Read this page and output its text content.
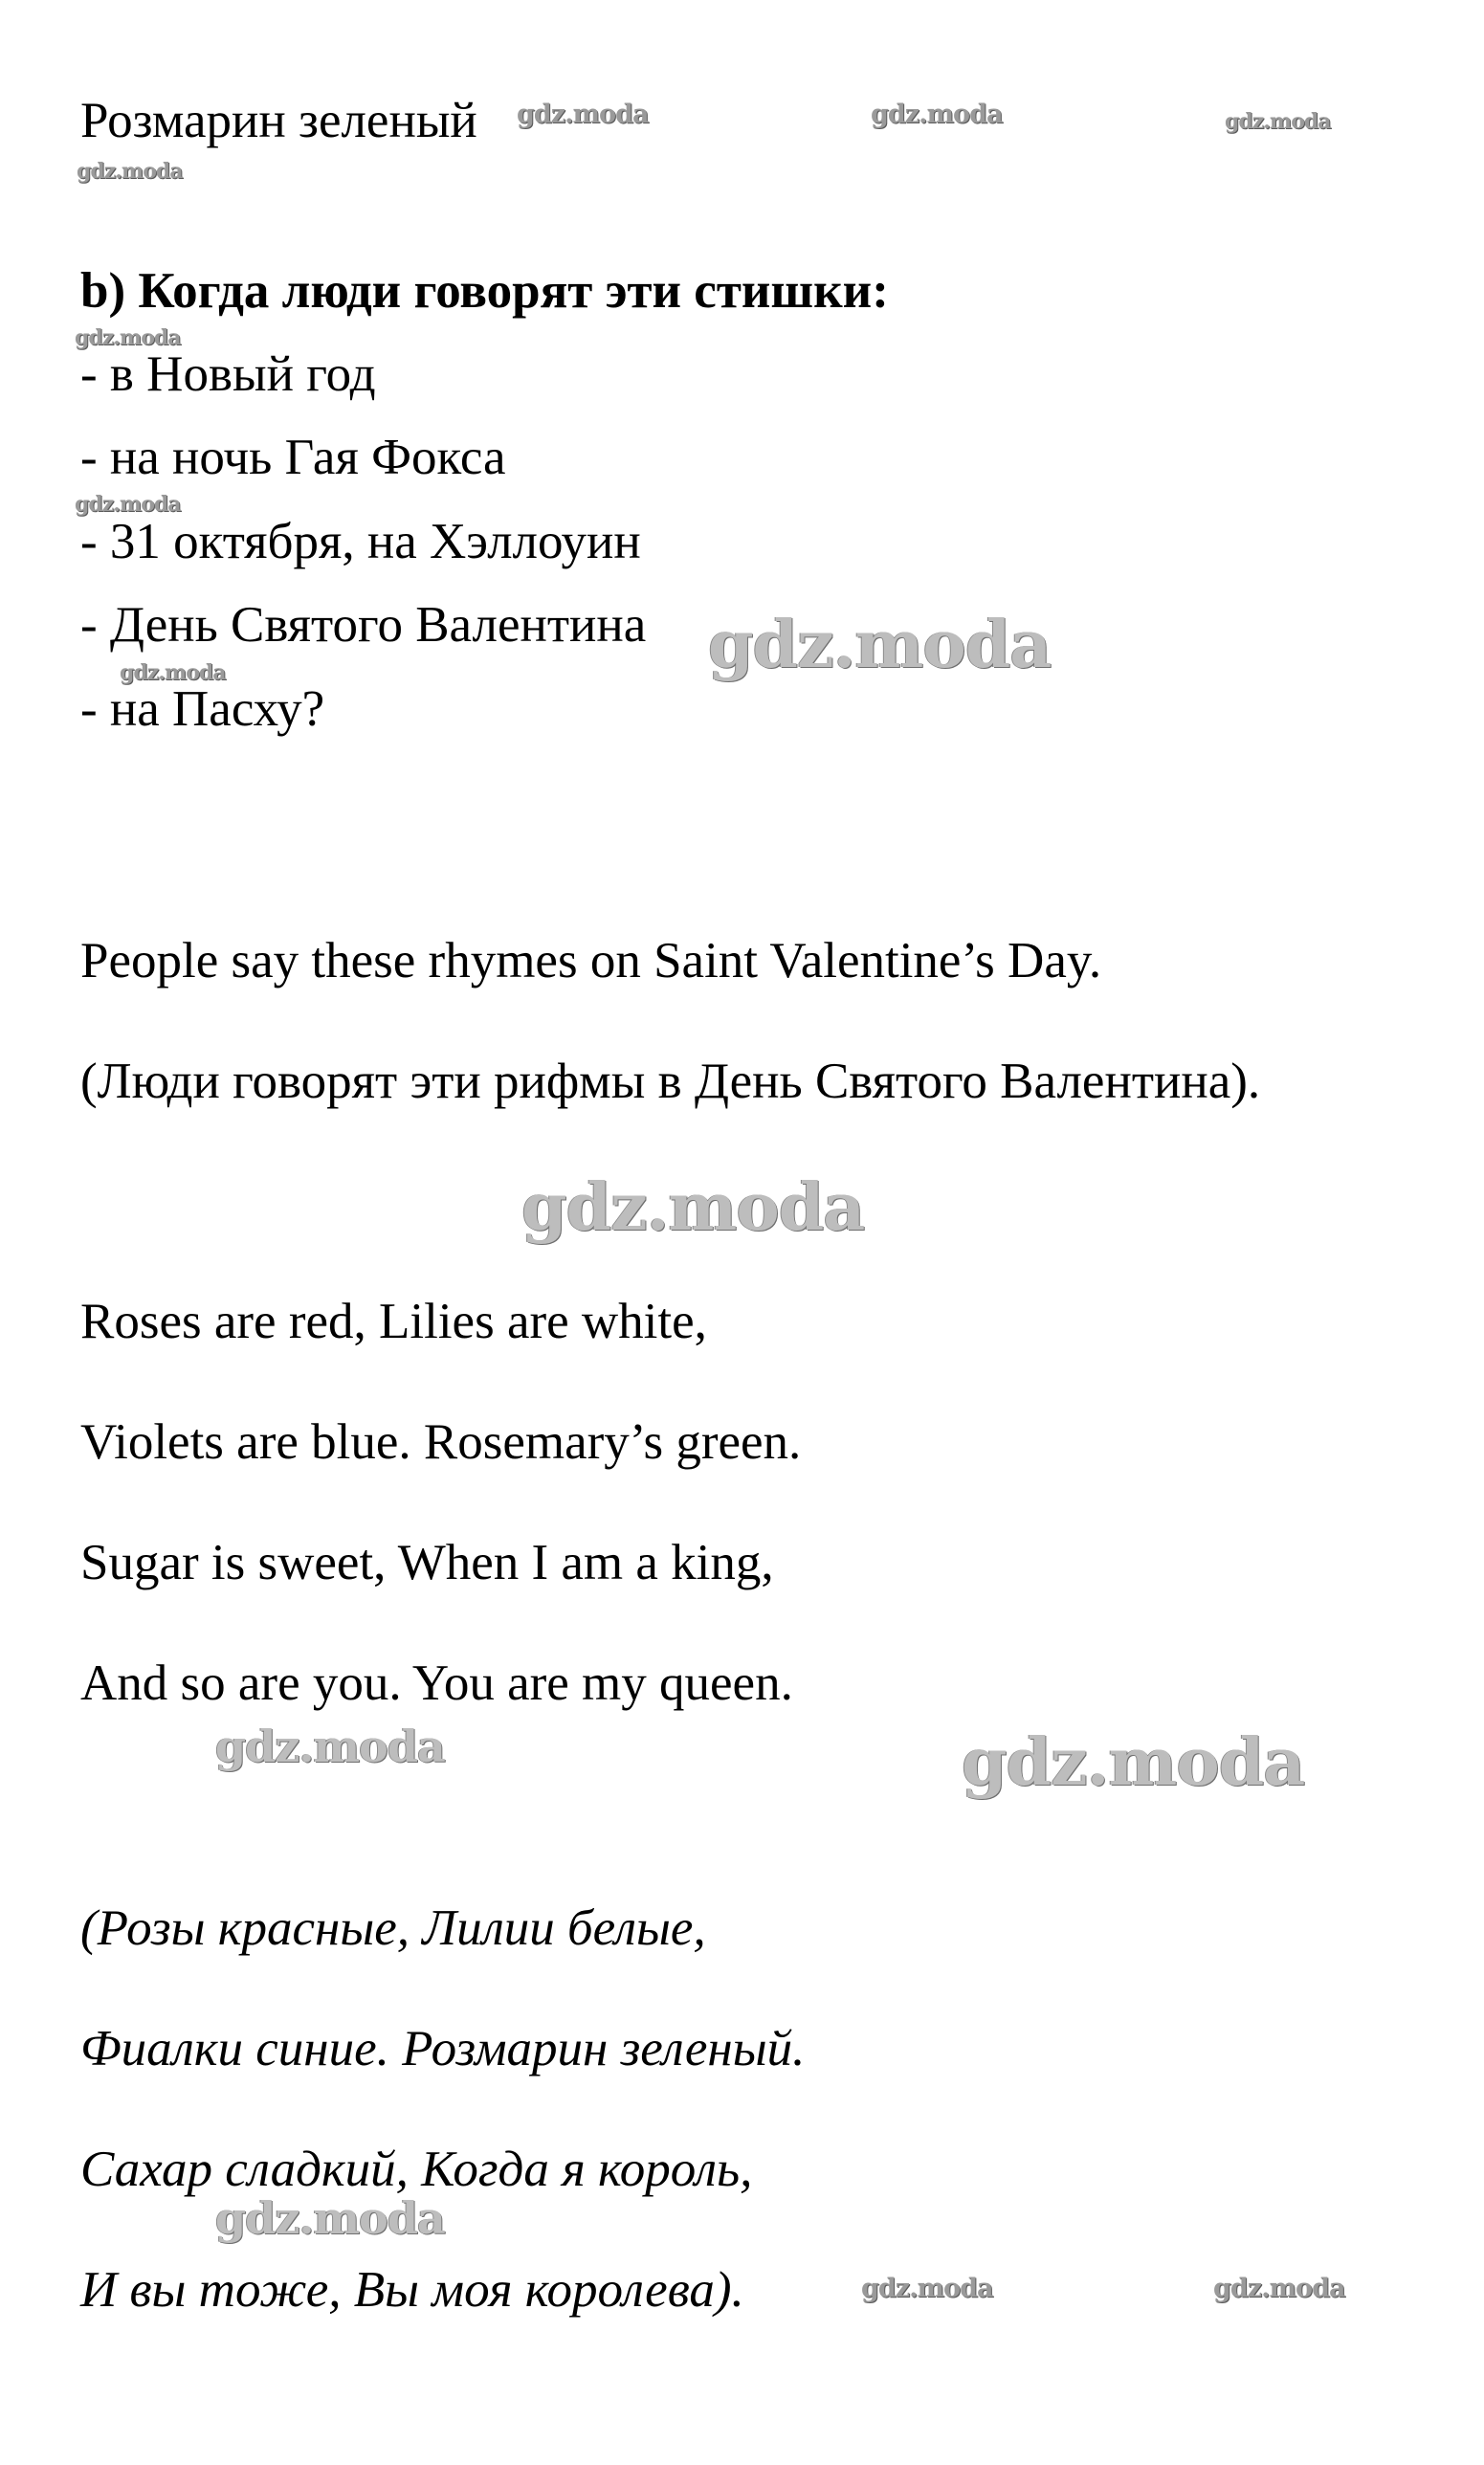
Розмарин зеленый
b) Когда люди говорят эти стишки:
- в Новый год
- на ночь Гая Фокса
- 31 октября, на Хэллоуин
- День Святого Валентина
- на Пасху?
People say these rhymes on Saint Valentine’s Day.
(Люди говорят эти рифмы в День Святого Валентина).
Roses are red, Lilies are white,
Violets are blue. Rosemary’s green.
Sugar is sweet, When I am a king,
And so are you. You are my queen.
(Розы красные, Лилии белые,
Фиалки синие. Розмарин зеленый.
Сахар сладкий, Когда я король,
И вы тоже, Вы моя королева).
gdz.moda	gdz.moda	gdz.moda
gdz.moda
gdz.moda
gdz.moda
gdz.moda	gdz.moda
gdz.moda
gdz.moda	gdz.moda
gdz.moda
gdz.moda	gdz.moda
